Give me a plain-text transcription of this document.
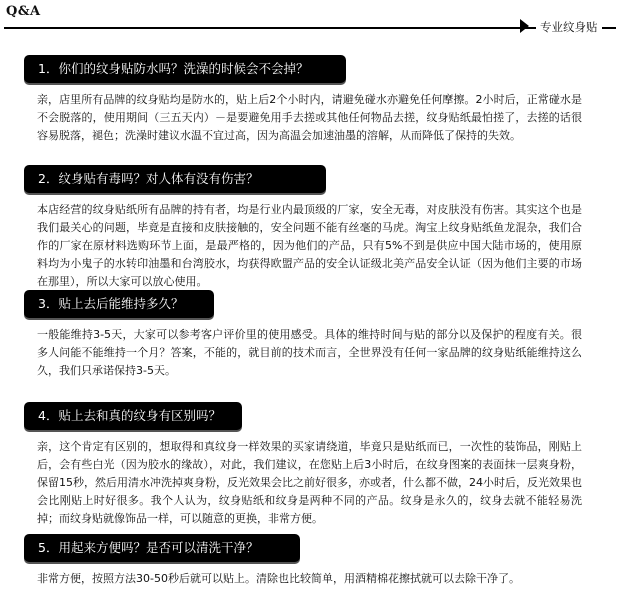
Q&A
专业纹身贴
1．你们的纹身贴防水吗？洗澡的时候会不会掉？
亲，店里所有品牌的纹身贴均是防水的，贴上后2个小时内，请避免碰水亦避免任何摩擦。2小时后，正常碰水是不会脱落的，使用期间（三五天内）－是要避免用手去搓或其他任何物品去搓，纹身贴纸最怕搓了，去搓的话很容易脱落，褪色；洗澡时建议水温不宜过高，因为高温会加速油墨的溶解，从而降低了保持的失效。
2．纹身贴有毒吗？对人体有没有伤害？
本店经营的纹身贴纸所有品牌的持有者，均是行业内最顶级的厂家，安全无毒，对皮肤没有伤害。其实这个也是我们最关心的问题，毕竟是直接和皮肤接触的，安全问题不能有丝毫的马虎。淘宝上纹身贴纸鱼龙混杂，我们合作的厂家在原材料选购环节上面，是最严格的，因为他们的产品，只有5%不到是供应中国大陆市场的，使用原料均为小鬼子的水转印油墨和台湾胶水，均获得欧盟产品的安全认证级北美产品安全认证（因为他们主要的市场在那里），所以大家可以放心使用。
3．贴上去后能维持多久？
一般能维持3-5天，大家可以参考客户评价里的使用感受。具体的维持时间与贴的部分以及保护的程度有关。很多人问能不能维持一个月？答案，不能的，就目前的技术而言，全世界没有任何一家品牌的纹身贴纸能维持这么久，我们只承诺保持3-5天。
4．贴上去和真的纹身有区别吗？
亲，这个肯定有区别的，想取得和真纹身一样效果的买家请绕道，毕竟只是贴纸而已，一次性的装饰品，刚贴上后，会有些白光（因为胶水的缘故），对此，我们建议，在您贴上后3小时后，在纹身图案的表面抹一层爽身粉，保留15秒，然后用清水冲洗掉爽身粉，反光效果会比之前好很多，亦或者，什么都不做，24小时后，反光效果也会比刚贴上时好很多。我个人认为，纹身贴纸和纹身是两种不同的产品。纹身是永久的，纹身去就不能轻易洗掉；而纹身贴就像饰品一样，可以随意的更换，非常方便。
5．用起来方便吗？是否可以清洗干净？
非常方便，按照方法30-50秒后就可以贴上。清除也比较简单，用酒精棉花擦拭就可以去除干净了。
